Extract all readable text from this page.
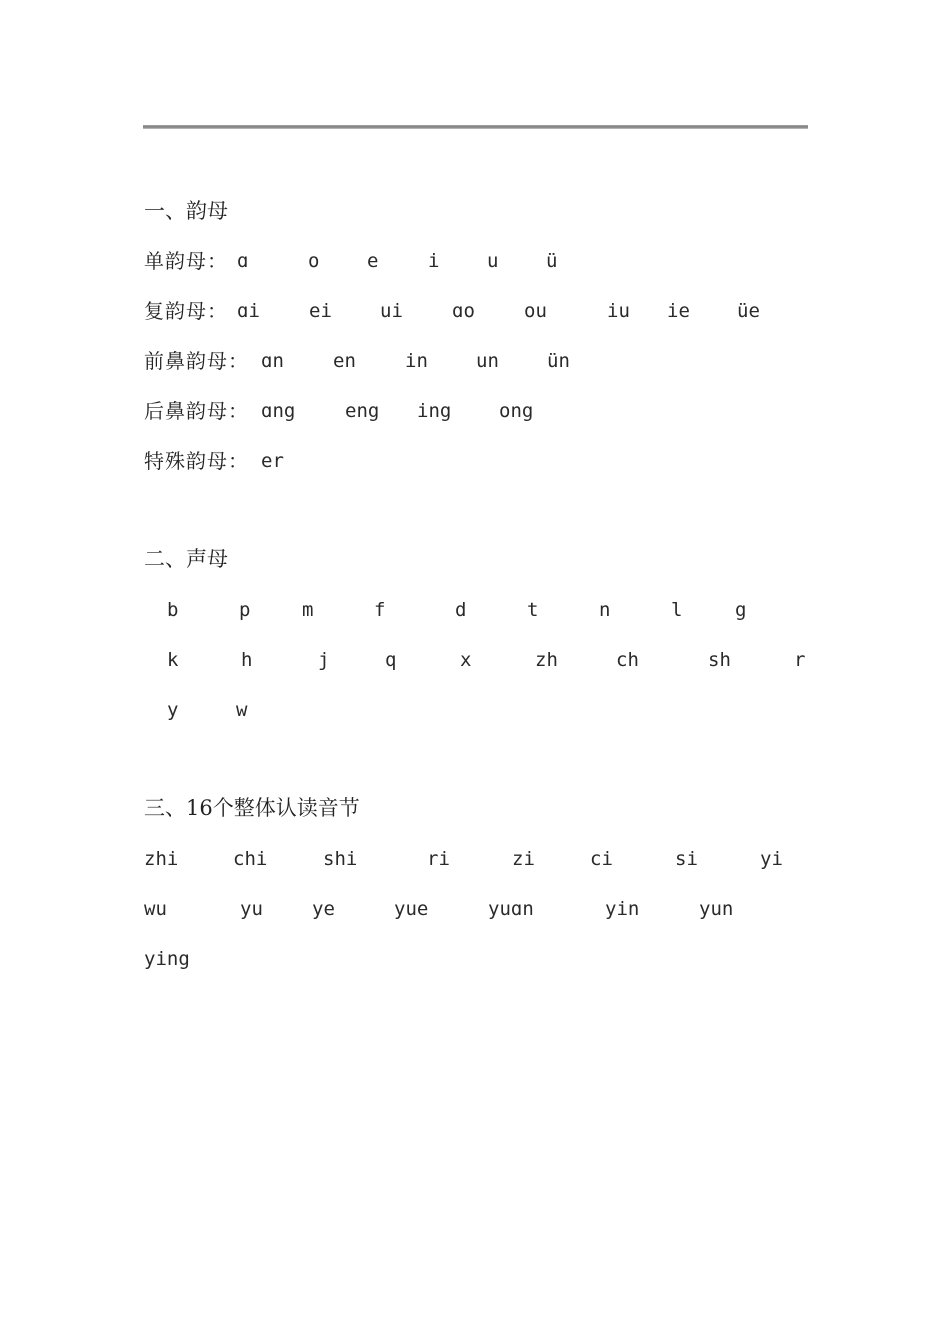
一、韵母
单韵母： ɑ	o	e	i	u	ü
复韵母： ɑi	ei	ui	ɑo	ou	iu ie üe
前鼻韵母： ɑn	en	in	un	ün
后鼻韵母： ɑng	eng ing	ong
特殊韵母： er
二、声母
b	p	m	f	d	t	n	l	g
k	h	j	q	x	zh	ch	sh	r
y	w
三、16个整体认读音节
zhi	chi	shi	ri	zi	ci	si	yi
wu	yu	ye	yue	yuɑn	yin	yun
ying
